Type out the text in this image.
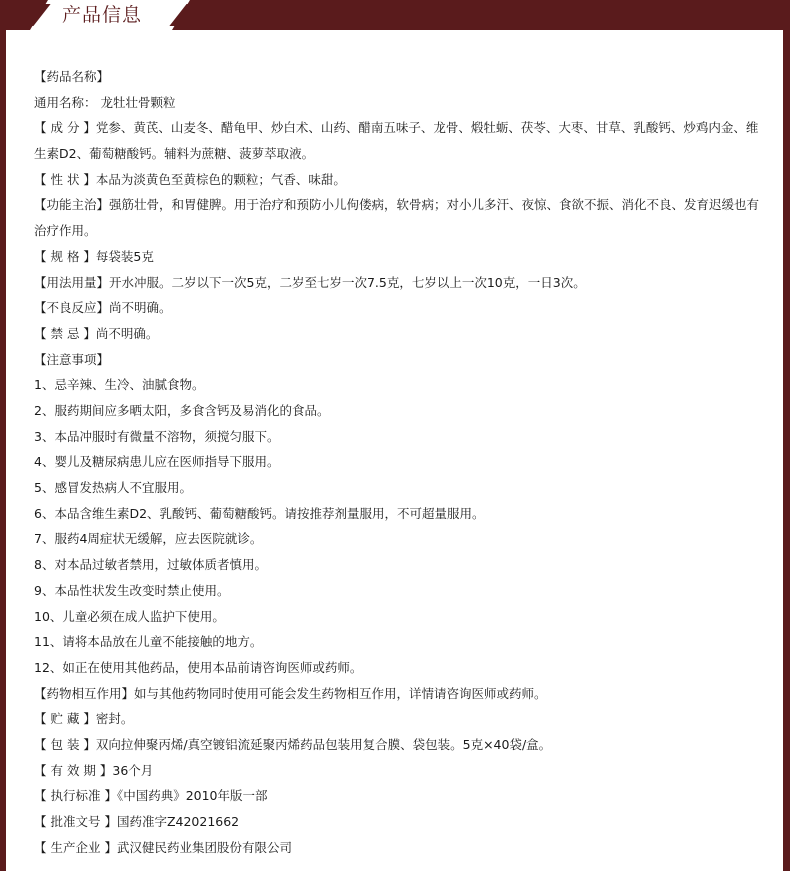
产品信息
【药品名称】
通用名称： 龙牡壮骨颗粒
【 成 分 】党参、黄芪、山麦冬、醋龟甲、炒白术、山药、醋南五味子、龙骨、煅牡蛎、茯苓、大枣、甘草、乳酸钙、炒鸡内金、维生素D2、葡萄糖酸钙。辅料为蔗糖、菠萝萃取液。
【 性 状 】本品为淡黄色至黄棕色的颗粒；气香、味甜。
【功能主治】强筋壮骨，和胃健脾。用于治疗和预防小儿佝偻病，软骨病；对小儿多汗、夜惊、食欲不振、消化不良、发育迟缓也有治疗作用。
【 规 格 】每袋装5克
【用法用量】开水冲服。二岁以下一次5克，二岁至七岁一次7.5克，七岁以上一次10克，一日3次。
【不良反应】尚不明确。
【 禁 忌 】尚不明确。
【注意事项】
1、忌辛辣、生冷、油腻食物。
2、服药期间应多晒太阳，多食含钙及易消化的食品。
3、本品冲服时有微量不溶物，须搅匀服下。
4、婴儿及糖尿病患儿应在医师指导下服用。
5、感冒发热病人不宜服用。
6、本品含维生素D2、乳酸钙、葡萄糖酸钙。请按推荐剂量服用，不可超量服用。
7、服药4周症状无缓解，应去医院就诊。
8、对本品过敏者禁用，过敏体质者慎用。
9、本品性状发生改变时禁止使用。
10、儿童必须在成人监护下使用。
11、请将本品放在儿童不能接触的地方。
12、如正在使用其他药品，使用本品前请咨询医师或药师。
【药物相互作用】如与其他药物同时使用可能会发生药物相互作用，详情请咨询医师或药师。
【 贮 藏 】密封。
【 包 装 】双向拉伸聚丙烯/真空镀铝流延聚丙烯药品包装用复合膜、袋包装。5克×40袋/盒。
【 有 效 期 】36个月
【 执行标准 】《中国药典》2010年版一部
【 批准文号 】国药准字Z42021662
【 生产企业 】武汉健民药业集团股份有限公司
